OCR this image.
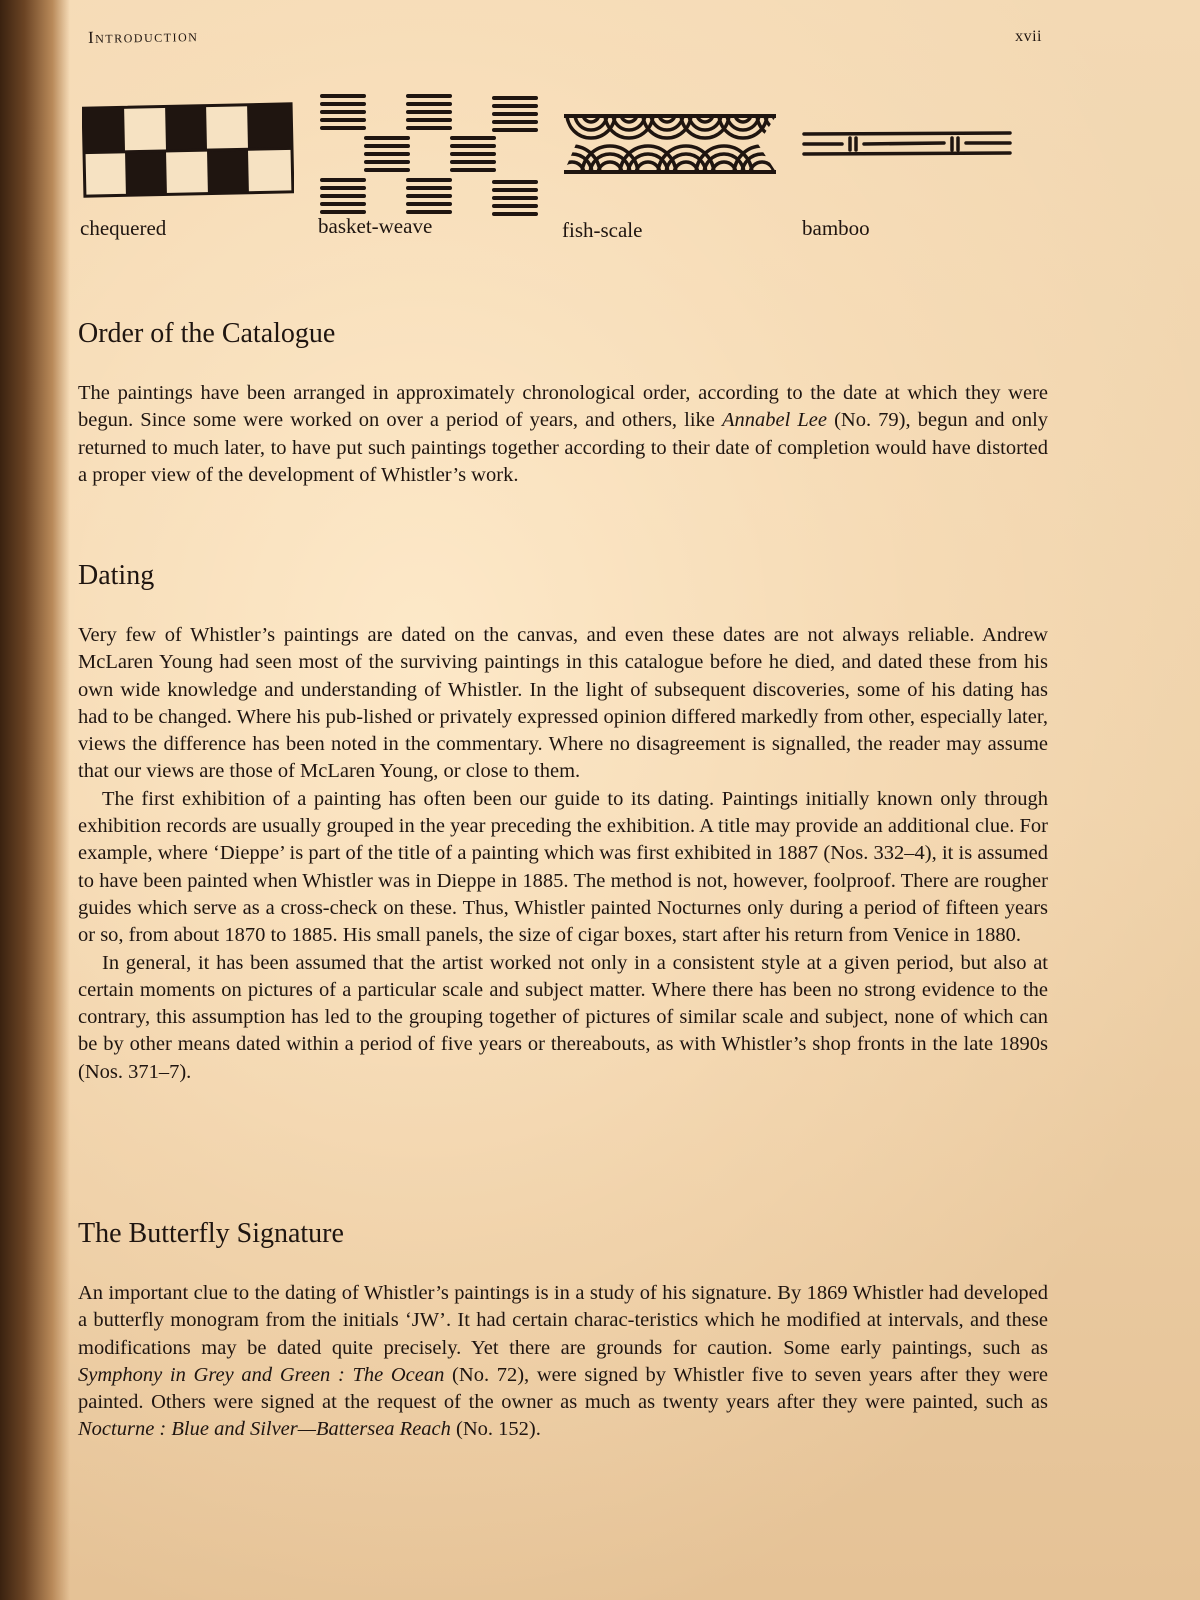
Introduction	xvii
chequered	basket-weave	fish-scale	bamboo
Order of the Catalogue

The paintings have been arranged in approximately chronological order, according to the date at which they were begun. Since some were worked on over a period of years, and others, like Annabel Lee (No. 79), begun and only returned to much later, to have put such paintings together according to their date of completion would have distorted a proper view of the development of Whistler’s work.

Dating

Very few of Whistler’s paintings are dated on the canvas, and even these dates are not always reliable. Andrew McLaren Young had seen most of the surviving paintings in this catalogue before he died, and dated these from his own wide knowledge and understanding of Whistler. In the light of subsequent discoveries, some of his dating has had to be changed. Where his pub-lished or privately expressed opinion differed markedly from other, especially later, views the difference has been noted in the commentary. Where no disagreement is signalled, the reader may assume that our views are those of McLaren Young, or close to them.

The first exhibition of a painting has often been our guide to its dating. Paintings initially known only through exhibition records are usually grouped in the year preceding the exhibition. A title may provide an additional clue. For example, where ‘Dieppe’ is part of the title of a painting which was first exhibited in 1887 (Nos. 332–4), it is assumed to have been painted when Whistler was in Dieppe in 1885. The method is not, however, foolproof. There are rougher guides which serve as a cross-check on these. Thus, Whistler painted Nocturnes only during a period of fifteen years or so, from about 1870 to 1885. His small panels, the size of cigar boxes, start after his return from Venice in 1880.

In general, it has been assumed that the artist worked not only in a consistent style at a given period, but also at certain moments on pictures of a particular scale and subject matter. Where there has been no strong evidence to the contrary, this assumption has led to the grouping together of pictures of similar scale and subject, none of which can be by other means dated within a period of five years or thereabouts, as with Whistler’s shop fronts in the late 1890s (Nos. 371–7).

The Butterfly Signature

An important clue to the dating of Whistler’s paintings is in a study of his signature. By 1869 Whistler had developed a butterfly monogram from the initials ‘JW’. It had certain charac-teristics which he modified at intervals, and these modifications may be dated quite precisely. Yet there are grounds for caution. Some early paintings, such as Symphony in Grey and Green : The Ocean (No. 72), were signed by Whistler five to seven years after they were painted. Others were signed at the request of the owner as much as twenty years after they were painted, such as Nocturne : Blue and Silver—Battersea Reach (No. 152).
